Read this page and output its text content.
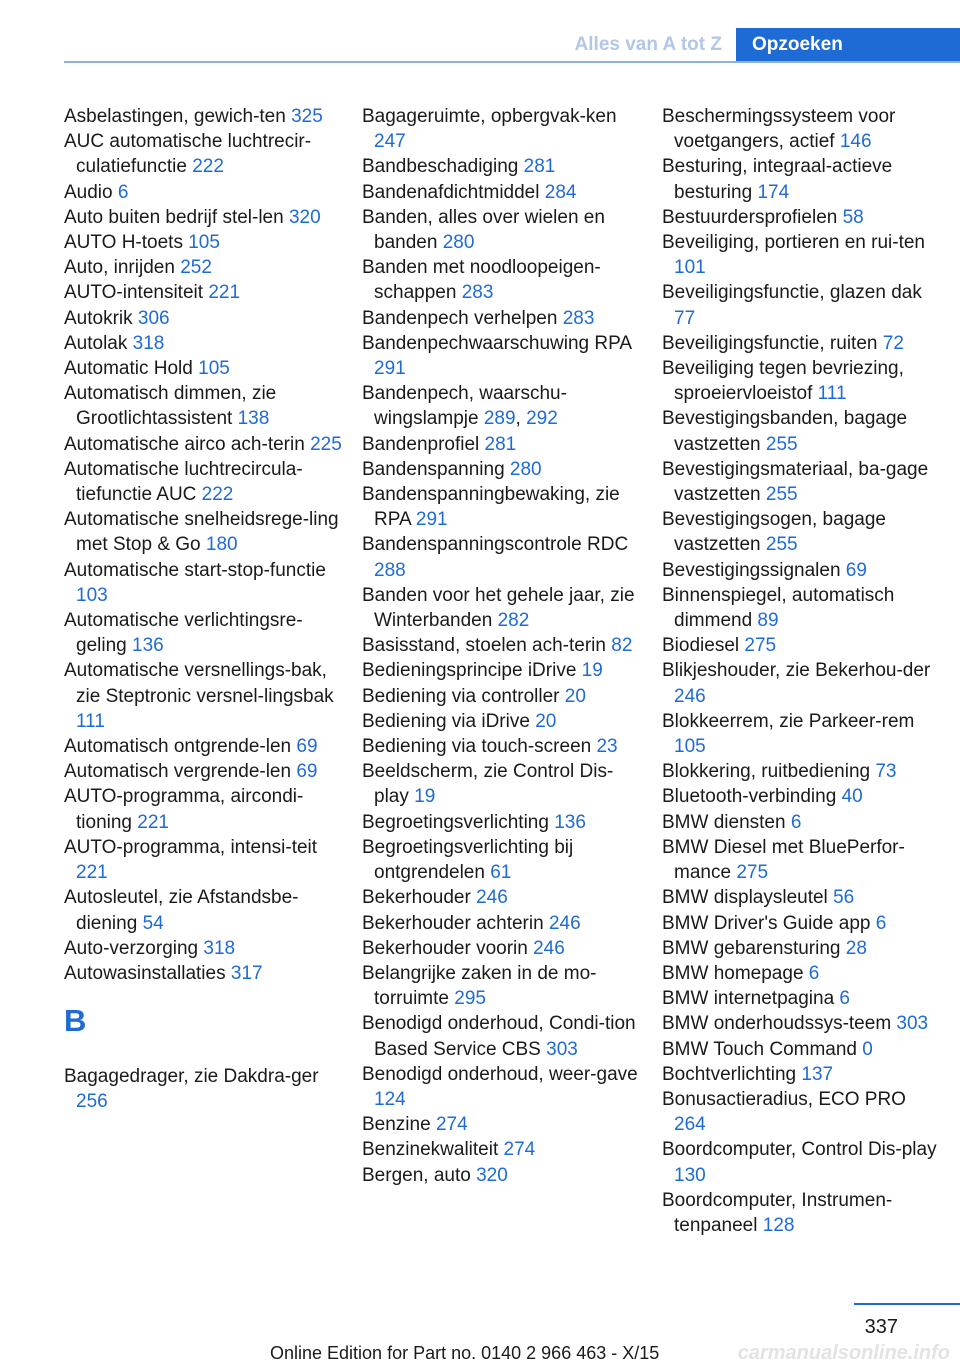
Alles van A tot Z	Opzoeken
Asbelastingen, gewich-ten 325
AUC automatische luchtrecir-culatiefunctie 222
Audio 6
Auto buiten bedrijf stel-len 320
AUTO H-toets 105
Auto, inrijden 252
AUTO-intensiteit 221
Autokrik 306
Autolak 318
Automatic Hold 105
Automatisch dimmen, zie Grootlichtassistent 138
Automatische airco ach-terin 225
Automatische luchtrecircula-tiefunctie AUC 222
Automatische snelheidsrege-ling met Stop & Go 180
Automatische start-stop-functie 103
Automatische verlichtingsre-geling 136
Automatische versnellings-bak, zie Steptronic versnel-lingsbak 111
Automatisch ontgrende-len 69
Automatisch vergrende-len 69
AUTO-programma, aircondi-tioning 221
AUTO-programma, intensi-teit 221
Autosleutel, zie Afstandsbe-diening 54
Auto-verzorging 318
Autowasinstallaties 317
B
Bagagedrager, zie Dakdra-ger 256
Bagageruimte, opbergvak-ken 247
Bandbeschadiging 281
Bandenafdichtmiddel 284
Banden, alles over wielen en banden 280
Banden met noodloopeigen-schappen 283
Bandenpech verhelpen 283
Bandenpechwaarschuwing RPA 291
Bandenpech, waarschu-wingslampje 289, 292
Bandenprofiel 281
Bandenspanning 280
Bandenspanningbewaking, zie RPA 291
Bandenspanningscontrole RDC 288
Banden voor het gehele jaar, zie Winterbanden 282
Basisstand, stoelen ach-terin 82
Bedieningsprincipe iDrive 19
Bediening via controller 20
Bediening via iDrive 20
Bediening via touch-screen 23
Beeldscherm, zie Control Dis-play 19
Begroetingsverlichting 136
Begroetingsverlichting bij ontgrendelen 61
Bekerhouder 246
Bekerhouder achterin 246
Bekerhouder voorin 246
Belangrijke zaken in de mo-torruimte 295
Benodigd onderhoud, Condi-tion Based Service CBS 303
Benodigd onderhoud, weer-gave 124
Benzine 274
Benzinekwaliteit 274
Bergen, auto 320
Beschermingssysteem voor voetgangers, actief 146
Besturing, integraal-actieve besturing 174
Bestuurdersprofielen 58
Beveiliging, portieren en rui-ten 101
Beveiligingsfunctie, glazen dak 77
Beveiligingsfunctie, ruiten 72
Beveiliging tegen bevriezing, sproeiervloeistof 111
Bevestigingsbanden, bagage vastzetten 255
Bevestigingsmateriaal, ba-gage vastzetten 255
Bevestigingsogen, bagage vastzetten 255
Bevestigingssignalen 69
Binnenspiegel, automatisch dimmend 89
Biodiesel 275
Blikjeshouder, zie Bekerhou-der 246
Blokkeerrem, zie Parkeer-rem 105
Blokkering, ruitbediening 73
Bluetooth-verbinding 40
BMW diensten 6
BMW Diesel met BluePerfor-mance 275
BMW displaysleutel 56
BMW Driver's Guide app 6
BMW gebarensturing 28
BMW homepage 6
BMW internetpagina 6
BMW onderhoudssys-teem 303
BMW Touch Command 0
Bochtverlichting 137
Bonusactieradius, ECO PRO 264
Boordcomputer, Control Dis-play 130
Boordcomputer, Instrumen-tenpaneel 128
337
Online Edition for Part no. 0140 2 966 463 - X/15	carmanualsonline.info
